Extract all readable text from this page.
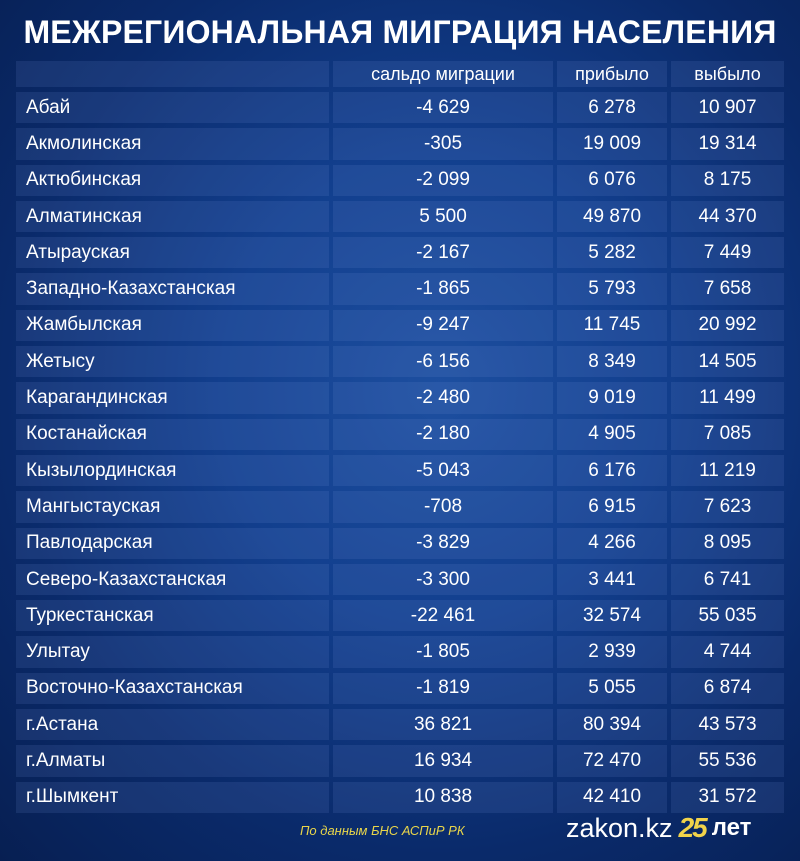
МЕЖРЕГИОНАЛЬНАЯ МИГРАЦИЯ НАСЕЛЕНИЯ
	сальдо миграции	прибыло	выбыло
Абай	-4 629	6 278	10 907
Акмолинская	-305	19 009	19 314
Актюбинская	-2 099	6 076	8 175
Алматинская	5 500	49 870	44 370
Атырауская	-2 167	5 282	7 449
Западно-Казахстанская	-1 865	5 793	7 658
Жамбылская	-9 247	11 745	20 992
Жетысу	-6 156	8 349	14 505
Карагандинская	-2 480	9 019	11 499
Костанайская	-2 180	4 905	7 085
Кызылординская	-5 043	6 176	11 219
Мангыстауская	-708	6 915	7 623
Павлодарская	-3 829	4 266	8 095
Северо-Казахстанская	-3 300	3 441	6 741
Туркестанская	-22 461	32 574	55 035
Улытау	-1 805	2 939	4 744
Восточно-Казахстанская	-1 819	5 055	6 874
г.Астана	36 821	80 394	43 573
г.Алматы	16 934	72 470	55 536
г.Шымкент	10 838	42 410	31 572
По данным БНС АСПиР РК	zakon.kz 25 лет
